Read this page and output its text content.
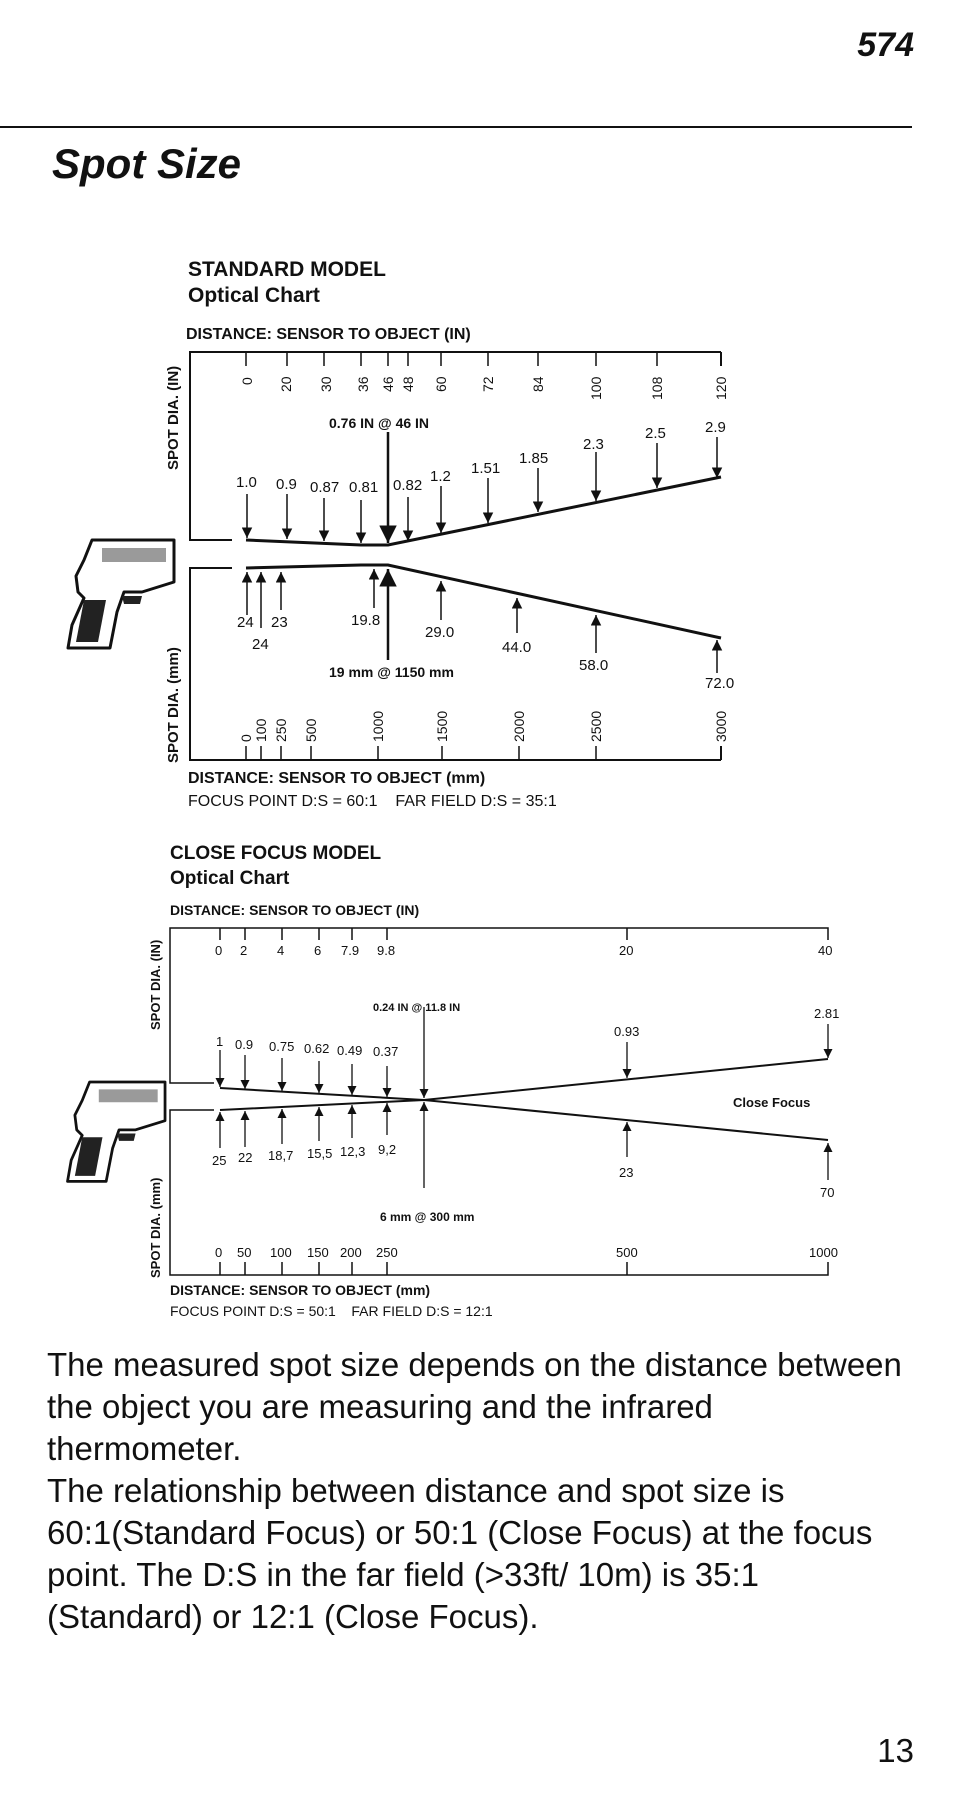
574
Spot Size
STANDARD MODEL
Optical Chart
DISTANCE: SENSOR TO OBJECT (IN)
SPOT DIA. (IN)
SPOT DIA. (mm)
0 20 30 36 46 48 60 72 84	100	108	120
1.0 0.9 0.87 0.81 0.82
1.2 1.51
1.85
2.3
2.5	2.9
0.76 IN @ 46 IN
24
24
23	19.8
29.0
44.0
58.0
72.0
19 mm @ 1150 mm
0 100 250 500	1000	1500	2000	2500	3000
DISTANCE: SENSOR TO OBJECT (mm)
FOCUS POINT D:S = 60:1    FAR FIELD D:S = 35:1
CLOSE FOCUS MODEL
Optical Chart
DISTANCE: SENSOR TO OBJECT (IN)
SPOT DIA. (IN)
SPOT DIA. (mm)
0 2 4 6 7.9 9.8	20	40
1 0.9 0.75 0.62 0.49 0.37
0.93
2.81
0.24 IN @ 11.8 IN
Close Focus
25 22 18,7 15,5 12,3 9,2
23
70
6 mm @ 300 mm
0 50 100 150 200 250	500	1000
DISTANCE: SENSOR TO OBJECT (mm)
FOCUS POINT D:S = 50:1    FAR FIELD D:S = 12:1

The measured spot size depends on the distance between the object you are measuring and the infrared thermometer.

The relationship between distance and spot size is 60:1(Standard Focus) or 50:1 (Close Focus) at the focus point. The D:S in the far field (>33ft/ 10m) is 35:1 (Standard) or 12:1 (Close Focus).

13
